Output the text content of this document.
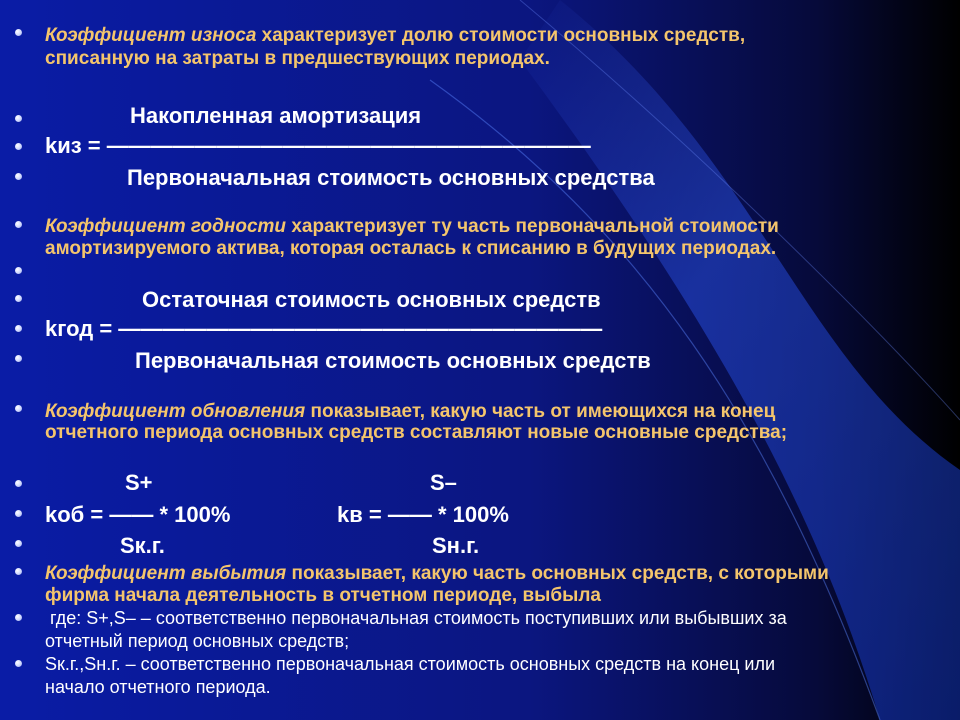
Коэффициент износа характеризует долю стоимости основных средств,
списанную на затраты в предшествующих периодах.
Накопленная амортизация
kиз = ——————————————————————
Первоначальная стоимость основных средства
Коэффициент годности характеризует ту часть первоначальной стоимости
амортизируемого актива, которая осталась к списанию в будущих периодах.
Остаточная стоимость основных средств
kгод = ——————————————————————
Первоначальная стоимость основных средств
Коэффициент обновления показывает, какую часть от имеющихся на конец
отчетного периода основных средств составляют новые основные средства;
S+
kоб = —— * 100%
Sк.г.
S–
kв = —— * 100%
Sн.г.
Коэффициент выбытия показывает, какую часть основных средств, с которыми
фирма начала деятельность в отчетном периоде, выбыла
где: S+,S– – соответственно первоначальная стоимость поступивших или выбывших за
отчетный период основных средств;
Sк.г.,Sн.г. – соответственно первоначальная стоимость основных средств на конец или
начало отчетного периода.
